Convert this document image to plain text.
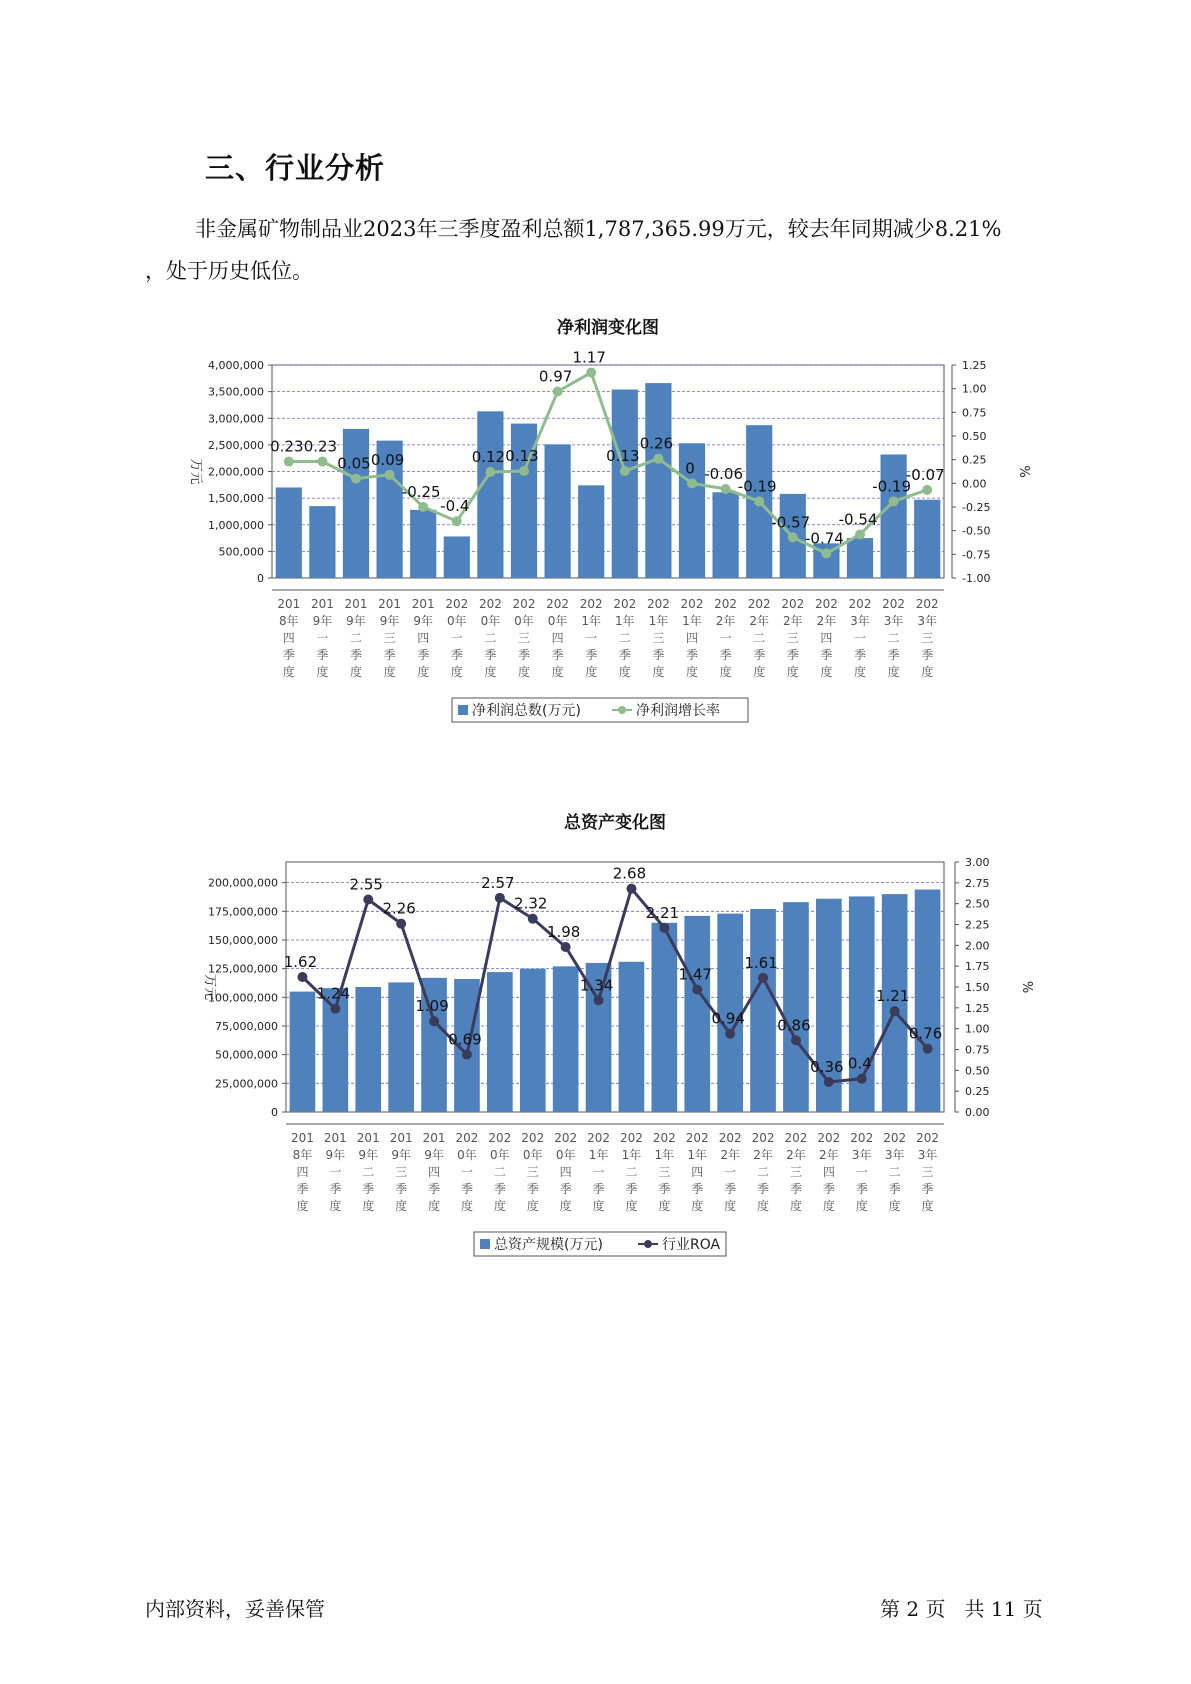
三、行业分析
非金属矿物制品业2023年三季度盈利总额1,787,365.99万元，较去年同期减少8.21%
，处于历史低位。
净利润变化图
0
500,000
1,000,000
1,500,000
2,000,000
2,500,000
3,000,000
3,500,000
4,000,000
万元
-1.00
-0.75
-0.50
-0.25
0.00
0.25
0.50
0.75
1.00
1.25
%
201
8年
四
季
度
201
9年
一
季
度
201
9年
二
季
度
201
9年
三
季
度
201
9年
四
季
度
202
0年
一
季
度
202
0年
二
季
度
202
0年
三
季
度
202
0年
四
季
度
202
1年
一
季
度
202
1年
二
季
度
202
1年
三
季
度
202
1年
四
季
度
202
2年
一
季
度
202
2年
二
季
度
202
2年
三
季
度
202
2年
四
季
度
202
3年
一
季
度
202
3年
二
季
度
202
3年
三
季
度
0.23 0.23
0.05 0.09
-0.25
-0.4
0.12 0.13
0.97
1.17
0.13
0.26
0 -0.06
-0.19
-0.57
-0.74
-0.54
-0.19
-0.07
净利润总数(万元)	净利润增长率
总资产变化图
0
25,000,000
50,000,000
75,000,000
100,000,000
125,000,000
150,000,000
175,000,000
200,000,000
万元
0.00
0.25
0.50
0.75
1.00
1.25
1.50
1.75
2.00
2.25
2.50
2.75
3.00
%
201
8年
四
季
度
201
9年
一
季
度
201
9年
二
季
度
201
9年
三
季
度
201
9年
四
季
度
202
0年
一
季
度
202
0年
二
季
度
202
0年
三
季
度
202
0年
四
季
度
202
1年
一
季
度
202
1年
二
季
度
202
1年
三
季
度
202
1年
四
季
度
202
2年
一
季
度
202
2年
二
季
度
202
2年
三
季
度
202
2年
四
季
度
202
3年
一
季
度
202
3年
二
季
度
202
3年
三
季
度
1.62
1.24
2.55
2.26
1.09
0.69
2.57
2.32
1.98
1.34
2.68
2.21
1.47
0.94
1.61
0.86
0.36 0.4
1.21
0.76
总资产规模(万元)	行业ROA
内部资料，妥善保管	第 2 页   共 11 页
